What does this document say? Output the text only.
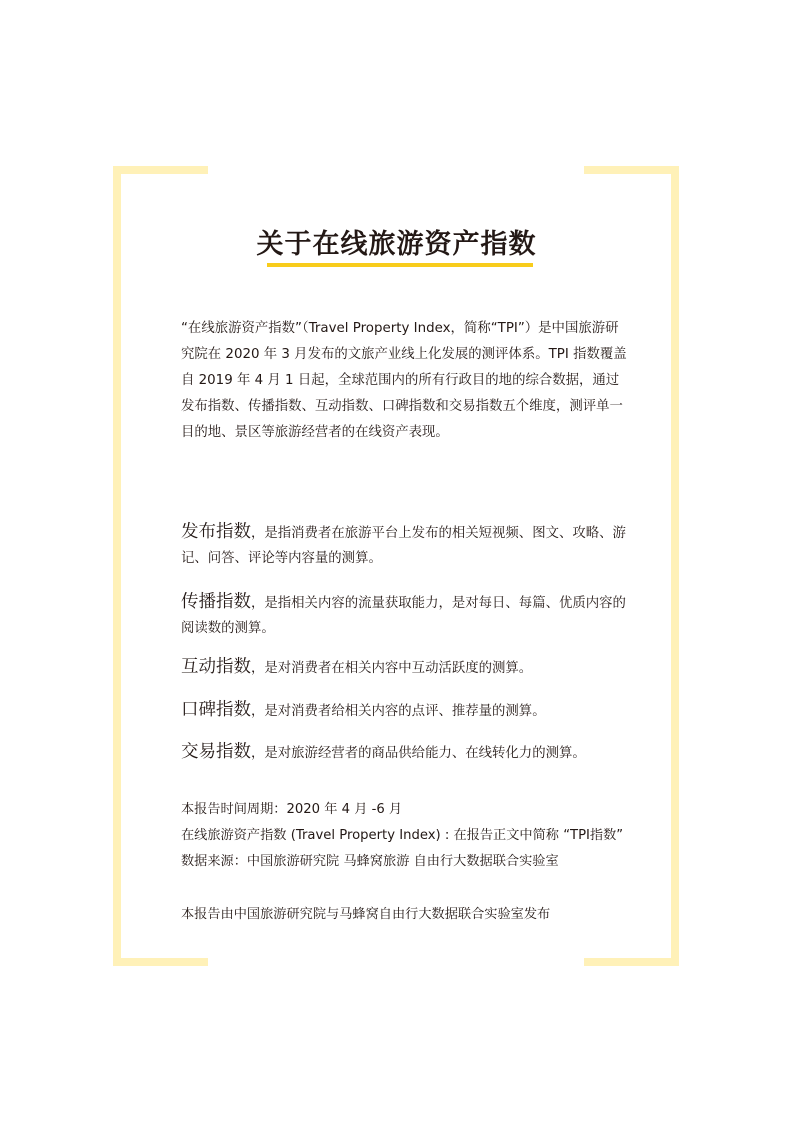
关于在线旅游资产指数
“在线旅游资产指数”（Travel Property Index，简称“TPI”）是中国旅游研究院在 2020 年 3 月发布的文旅产业线上化发展的测评体系。TPI 指数覆盖自 2019 年 4 月 1 日起，全球范围内的所有行政目的地的综合数据，通过发布指数、传播指数、互动指数、口碑指数和交易指数五个维度，测评单一目的地、景区等旅游经营者的在线资产表现。
发布指数，是指消费者在旅游平台上发布的相关短视频、图文、攻略、游记、问答、评论等内容量的测算。
传播指数，是指相关内容的流量获取能力，是对每日、每篇、优质内容的阅读数的测算。
互动指数，是对消费者在相关内容中互动活跃度的测算。
口碑指数，是对消费者给相关内容的点评、推荐量的测算。
交易指数，是对旅游经营者的商品供给能力、在线转化力的测算。
本报告时间周期：2020 年 4 月 -6 月
在线旅游资产指数 (Travel Property Index) : 在报告正文中简称 “TPI指数”
数据来源：中国旅游研究院 马蜂窝旅游 自由行大数据联合实验室
本报告由中国旅游研究院与马蜂窝自由行大数据联合实验室发布
